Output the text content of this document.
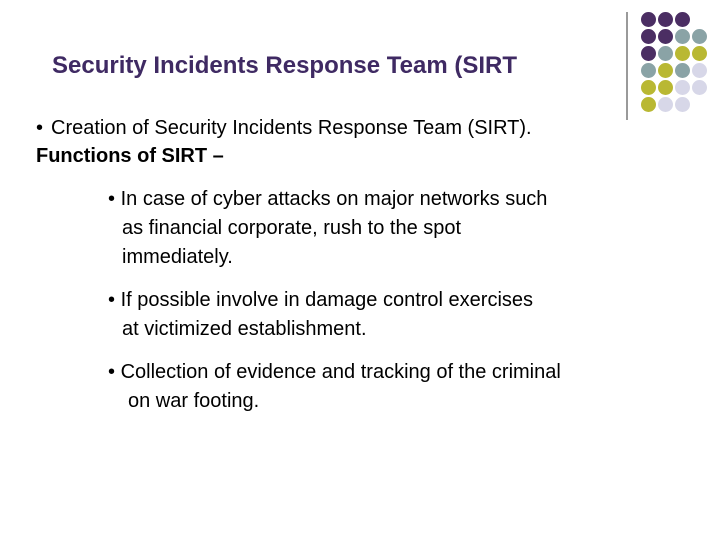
Security Incidents Response Team (SIRT
• Creation of Security Incidents Response Team (SIRT).
Functions of SIRT –
• In case of cyber attacks on major networks such
as financial corporate, rush to the spot
immediately.
• If possible involve in damage control exercises
at victimized establishment.
• Collection of evidence and tracking of the criminal
on war footing.
